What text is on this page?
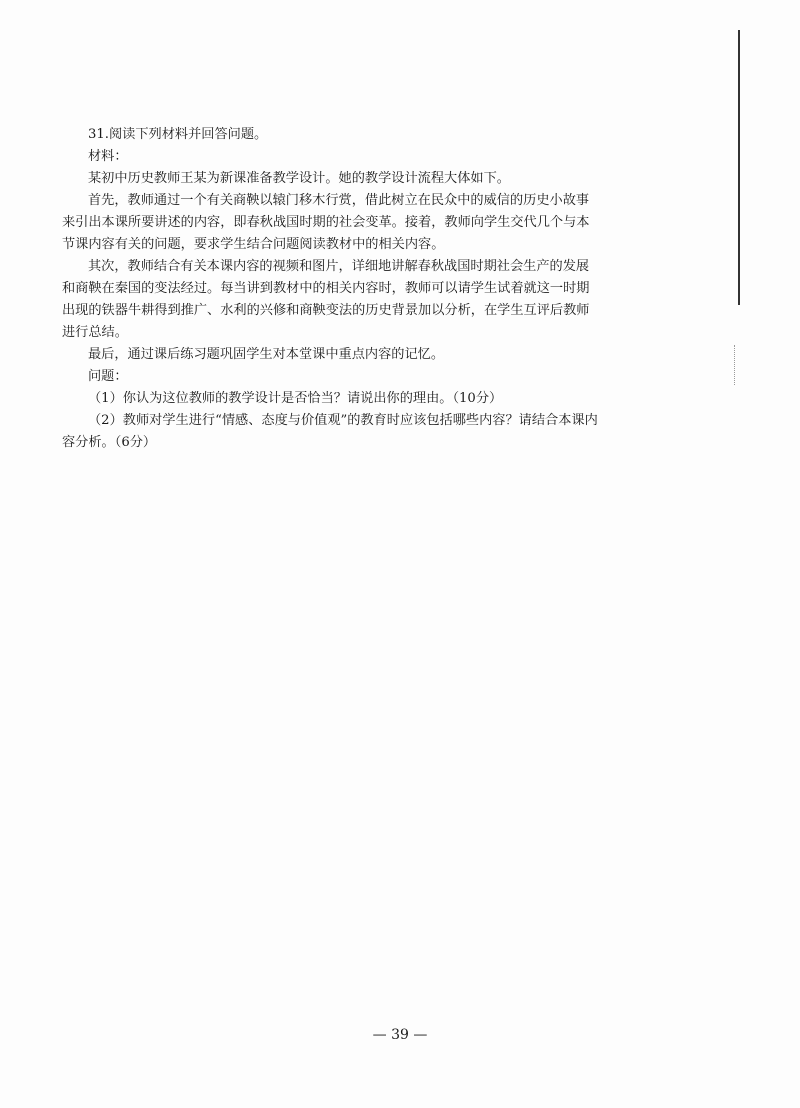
31.阅读下列材料并回答问题。
材料：
某初中历史教师王某为新课准备教学设计。她的教学设计流程大体如下。
首先，教师通过一个有关商鞅以辕门移木行赏，借此树立在民众中的威信的历史小故事
来引出本课所要讲述的内容，即春秋战国时期的社会变革。接着，教师向学生交代几个与本
节课内容有关的问题，要求学生结合问题阅读教材中的相关内容。
其次，教师结合有关本课内容的视频和图片，详细地讲解春秋战国时期社会生产的发展
和商鞅在秦国的变法经过。每当讲到教材中的相关内容时，教师可以请学生试着就这一时期
出现的铁器牛耕得到推广、水利的兴修和商鞅变法的历史背景加以分析，在学生互评后教师
进行总结。
最后，通过课后练习题巩固学生对本堂课中重点内容的记忆。
问题：
（1）你认为这位教师的教学设计是否恰当？请说出你的理由。（10分）
（2）教师对学生进行“情感、态度与价值观”的教育时应该包括哪些内容？请结合本课内
容分析。（6分）
— 39 —
